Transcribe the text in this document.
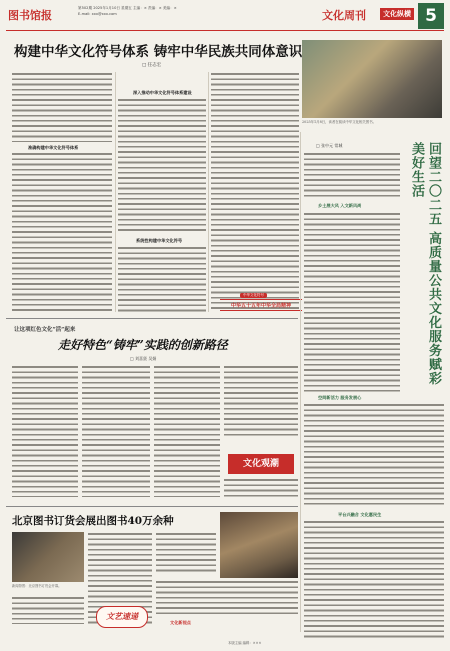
图书馆报
第502期 2025年1月10日 星期五 主编：× 责编：× 美编：×
E-mail: xxx@xxx.com	文化周刊	文化纵横 5
构建中华文化符号体系 铸牢中华民族共同体意识
□ 任志宏
准确构建中华文化符号体系
深入推动中华文化符号体系建设
系统性构建中华文化符号
中华文化符号
中华五十五年中华全局精神
2025年1月8日，读者在阅读中华文化相关图书。
□ 张中元 常城	回望二〇二五 高质量公共文化服务赋彩美好生活
乡土展大风 入文新风尚
空间新活力 服务发展心
平台兴融合 文化惠民生
让这项红色文化“活”起来
走好特色“铸牢”实践的创新路径
□ 刘喜贤 吴娟
文化观潮
北京图书订货会展出图书40万余种
新闻背景：北京图书订货会开幕。
文艺速递
文化新视点
本版主编 编辑：×××
